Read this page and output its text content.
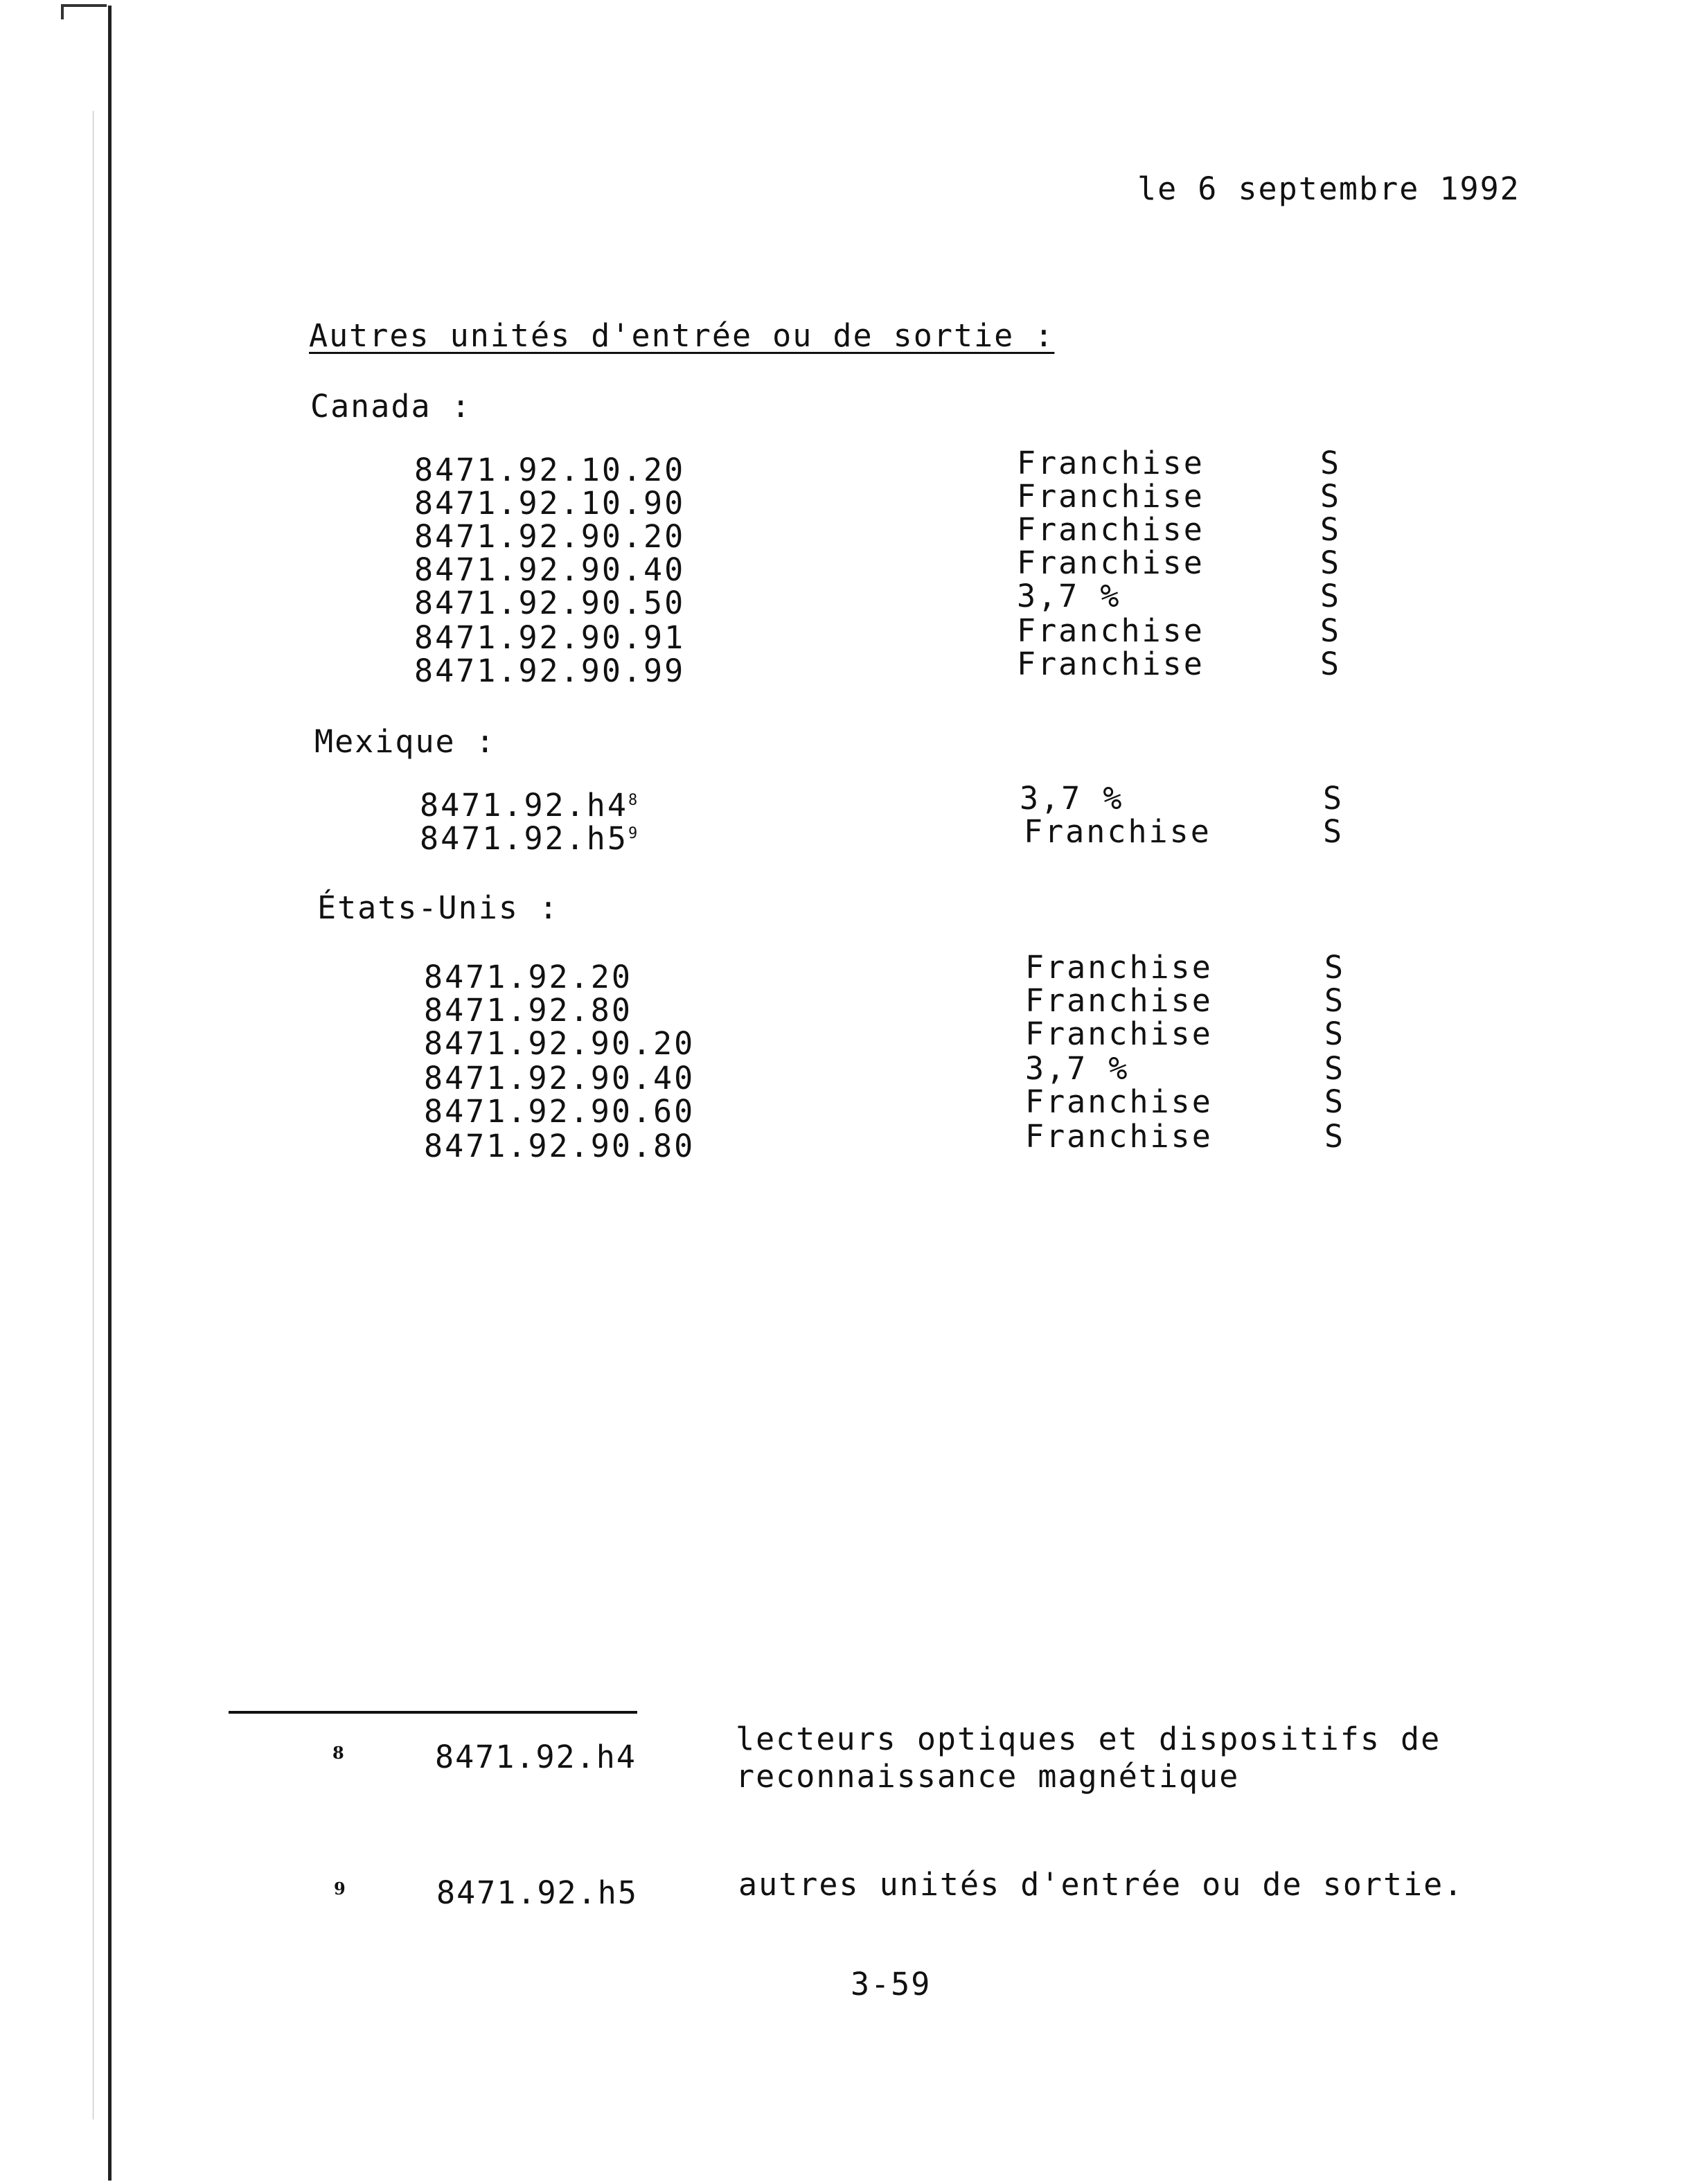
le 6 septembre 1992
Autres unités d'entrée ou de sortie :
Canada :
8471.92.10.20	Franchise	S
8471.92.10.90	Franchise	S
8471.92.90.20	Franchise	S
8471.92.90.40	Franchise	S
8471.92.90.50	3,7 %	S
8471.92.90.91	Franchise	S
8471.92.90.99	Franchise	S
Mexique :
$8471.92.h4^8$	3,7 %	S
$8471.92.h5^9$	Franchise	S
États-Unis :
8471.92.20	Franchise	S
8471.92.80	Franchise	S
8471.92.90.20	Franchise	S
8471.92.90.40	3,7 %	S
8471.92.90.60	Franchise	S
8471.92.90.80	Franchise	S
8	8471.92.h4	lecteurs optiques et dispositifs de
reconnaissance magnétique
9	8471.92.h5	autres unités d'entrée ou de sortie.
3-59
